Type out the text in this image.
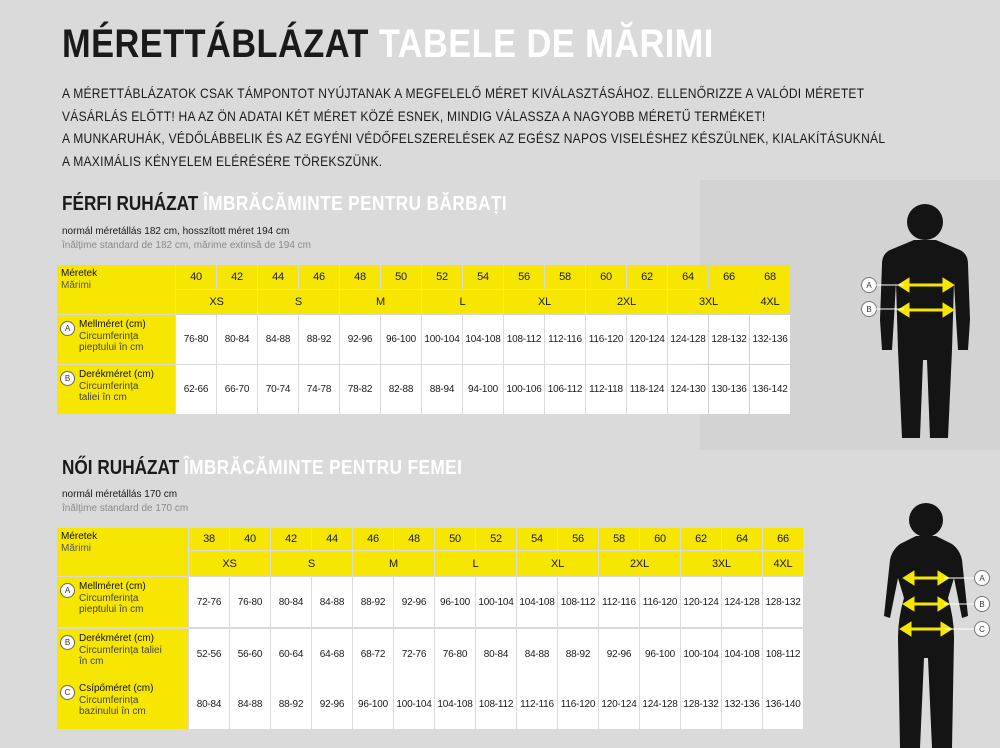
MÉRETTÁBLÁZAT TABELE DE MĂRIMI
A MÉRETTÁBLÁZATOK CSAK TÁMPONTOT NYÚJTANAK A MEGFELELŐ MÉRET KIVÁLASZTÁSÁHOZ. ELLENŐRIZZE A VALÓDI MÉRETET
VÁSÁRLÁS ELŐTT! HA AZ ÖN ADATAI KÉT MÉRET KÖZÉ ESNEK, MINDIG VÁLASSZA A NAGYOBB MÉRETŰ TERMÉKET!
A MUNKARUHÁK, VÉDŐLÁBBELIK ÉS AZ EGYÉNI VÉDŐFELSZERELÉSEK AZ EGÉSZ NAPOS VISELÉSHEZ KÉSZÜLNEK, KIALAKÍTÁSUKNÁL
A MAXIMÁLIS KÉNYELEM ELÉRÉSÉRE TÖREKSZÜNK.
FÉRFI RUHÁZAT ÎMBRĂCĂMINTE PENTRU BĂRBAȚI
normál méretállás 182 cm, hosszított méret 194 cm
înălțime standard de 182 cm, mărime extinsă de 194 cm
Méretek
Mărimi
40	42	44	46	48	50	52	54	56	58	60	62	64	66	68
XS	S	M	L	XL	2XL	3XL	4XL
A Mellméret (cm)
Circumferința
pieptului în cm
76-80	80-84	84-88	88-92	92-96	96-100 100-104 104-108 108-112 112-116 116-120 120-124 124-128 128-132 132-136
B Derékméret (cm)
Circumferința
taliei în cm
62-66	66-70	70-74	74-78	78-82	82-88	88-94	94-100 100-106 106-112 112-118 118-124 124-130 130-136 136-142
NŐI RUHÁZAT ÎMBRĂCĂMINTE PENTRU FEMEI
normál méretállás 170 cm
înălțime standard de 170 cm
Méretek
Mărimi
38	40	42	44	46	48	50	52	54	56	58	60	62	64	66
XS	S	M	L	XL	2XL	3XL	4XL
A Mellméret (cm)
Circumferința
pieptului în cm
72-76	76-80	80-84	84-88	88-92	92-96	96-100 100-104 104-108 108-112 112-116 116-120 120-124 124-128 128-132
B Derékméret (cm)
Circumferința taliei
în cm
52-56	56-60	60-64	64-68	68-72	72-76	76-80	80-84	84-88	88-92	92-96	96-100 100-104 104-108 108-112
C Csípőméret (cm)
Circumferința
bazinului în cm
80-84	84-88	88-92	92-96	96-100 100-104 104-108 108-112 112-116 116-120 120-124 124-128 128-132 132-136 136-140
A
B
A
B
C
